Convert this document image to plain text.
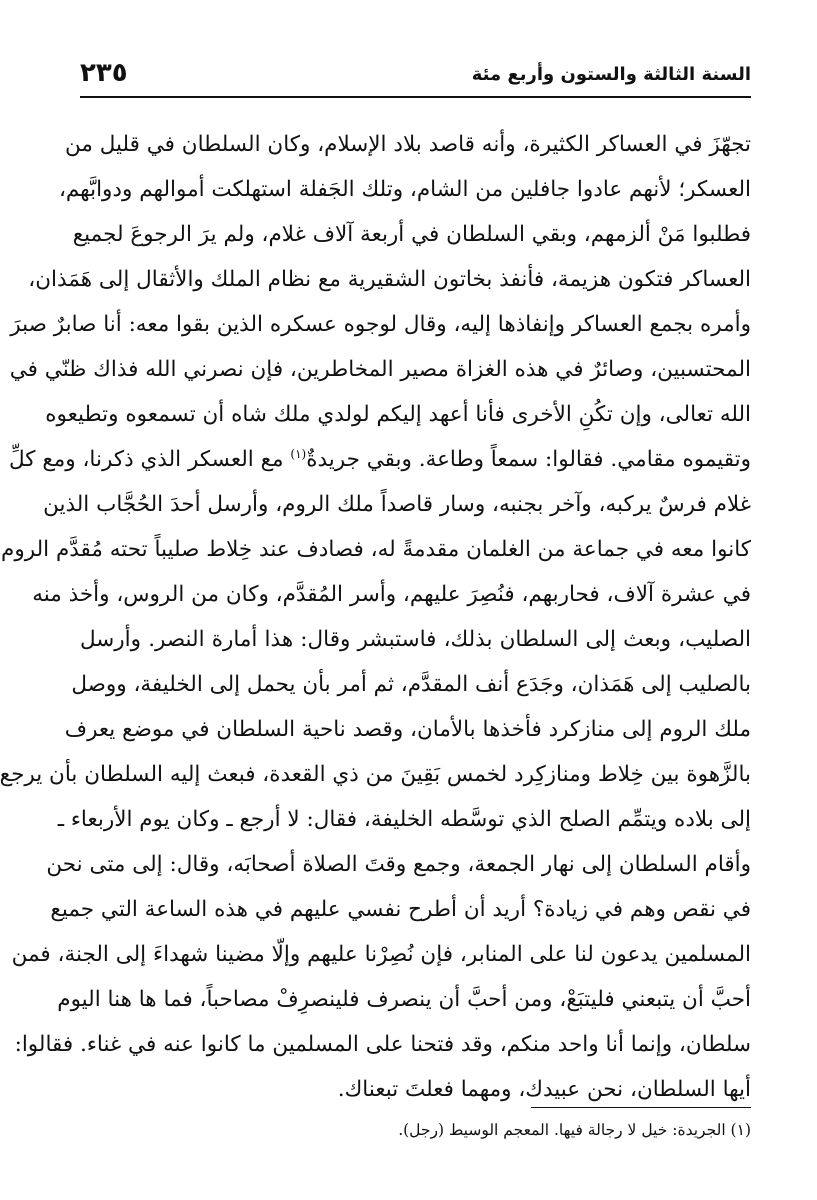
السنة الثالثة والستون وأربع مئة
٢٣٥
تجهّزَ في العساكر الكثيرة، وأنه قاصد بلاد الإسلام، وكان السلطان في قليل من
العسكر؛ لأنهم عادوا جافلين من الشام، وتلك الجَفلة استهلكت أموالهم ودوابَّهم،
فطلبوا مَنْ ألزمهم، وبقي السلطان في أربعة آلاف غلام، ولم يرَ الرجوعَ لجميع
العساكر فتكون هزيمة، فأنفذ بخاتون الشقيرية مع نظام الملك والأثقال إلى هَمَذان،
وأمره بجمع العساكر وإنفاذها إليه، وقال لوجوه عسكره الذين بقوا معه: أنا صابرٌ صبرَ
المحتسبين، وصائرٌ في هذه الغزاة مصير المخاطرين، فإن نصرني الله فذاك ظنّي في
الله تعالى، وإن تكُنِ الأخرى فأنا أعهد إليكم لولدي ملك شاه أن تسمعوه وتطيعوه
وتقيموه مقامي. فقالوا: سمعاً وطاعة. وبقي جريدةٌ$^{(١)}$ مع العسكر الذي ذكرنا، ومع كلِّ
غلام فرسٌ يركبه، وآخر بجنبه، وسار قاصداً ملك الروم، وأرسل أحدَ الحُجَّاب الذين
كانوا معه في جماعة من الغلمان مقدمةً له، فصادف عند خِلاط صليباً تحته مُقدَّم الروم
في عشرة آلاف، فحاربهم، فنُصِرَ عليهم، وأسر المُقدَّم، وكان من الروس، وأخذ منه
الصليب، وبعث إلى السلطان بذلك، فاستبشر وقال: هذا أمارة النصر. وأرسل
بالصليب إلى هَمَذان، وجَدَع أنف المقدَّم، ثم أمر بأن يحمل إلى الخليفة، ووصل
ملك الروم إلى منازكرد فأخذها بالأمان، وقصد ناحية السلطان في موضع يعرف
بالزَّهوة بين خِلاط ومنازكِرد لخمس بَقِينَ من ذي القعدة، فبعث إليه السلطان بأن يرجع
إلى بلاده ويتمِّم الصلح الذي توسَّطه الخليفة، فقال: لا أرجع ـ وكان يوم الأربعاء ـ
وأقام السلطان إلى نهار الجمعة، وجمع وقتَ الصلاة أصحابَه، وقال: إلى متى نحن
في نقص وهم في زيادة؟ أريد أن أطرح نفسي عليهم في هذه الساعة التي جميع
المسلمين يدعون لنا على المنابر، فإن نُصِرْنا عليهم وإلّا مضينا شهداءَ إلى الجنة، فمن
أحبَّ أن يتبعني فليتبَعْ، ومن أحبَّ أن ينصرف فلينصرِفْ مصاحباً، فما ها هنا اليوم
سلطان، وإنما أنا واحد منكم، وقد فتحنا على المسلمين ما كانوا عنه في غناء. فقالوا:
أيها السلطان، نحن عبيدك، ومهما فعلتَ تبعناك.
(١) الجريدة: خيل لا رجالة فيها. المعجم الوسيط (رجل).
